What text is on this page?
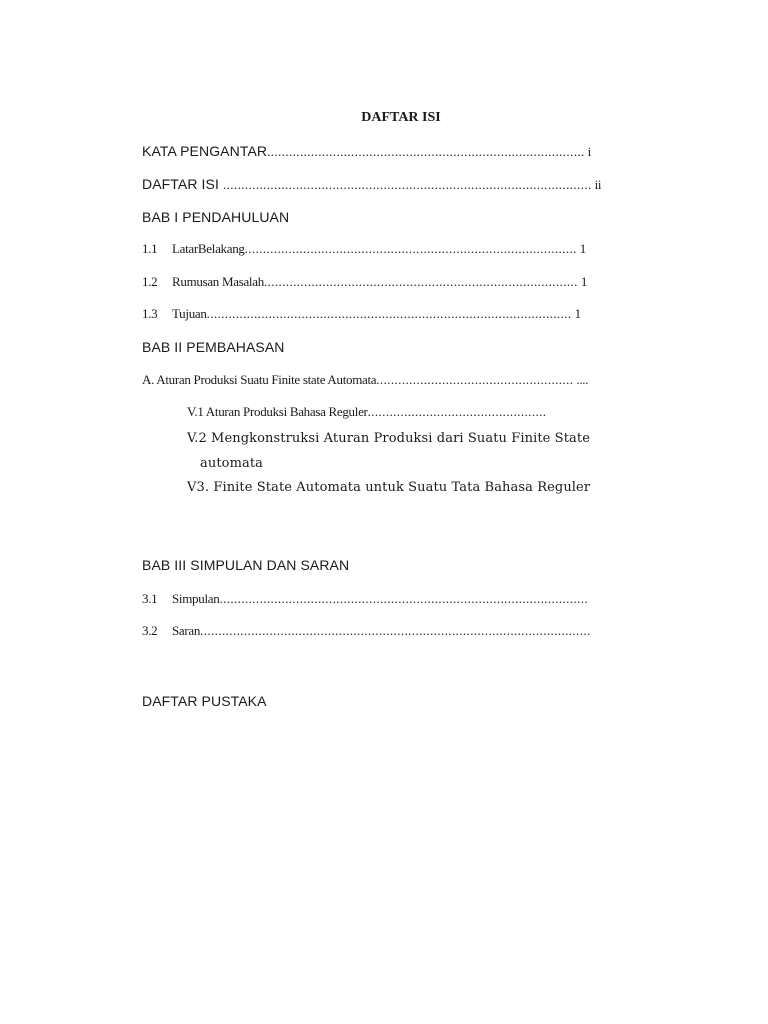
DAFTAR ISI
KATA PENGANTAR....................................................................................... i
DAFTAR ISI ..................................................................................................... ii
BAB I PENDAHULUAN
1.1 LatarBelakang........................................................................................... 1
1.2 Rumusan Masalah...................................................................................... 1
1.3 Tujuan.................................................................................................... 1
BAB II PEMBAHASAN
A. Aturan Produksi Suatu Finite state Automata...................................................... ....
V.1 Aturan Produksi Bahasa Reguler.................................................
V.2 Mengkonstruksi Aturan Produksi dari Suatu Finite State
automata
V3. Finite State Automata untuk Suatu Tata Bahasa Reguler
BAB III SIMPULAN DAN SARAN
3.1 Simpulan.....................................................................................................
3.2 Saran...........................................................................................................
DAFTAR PUSTAKA
